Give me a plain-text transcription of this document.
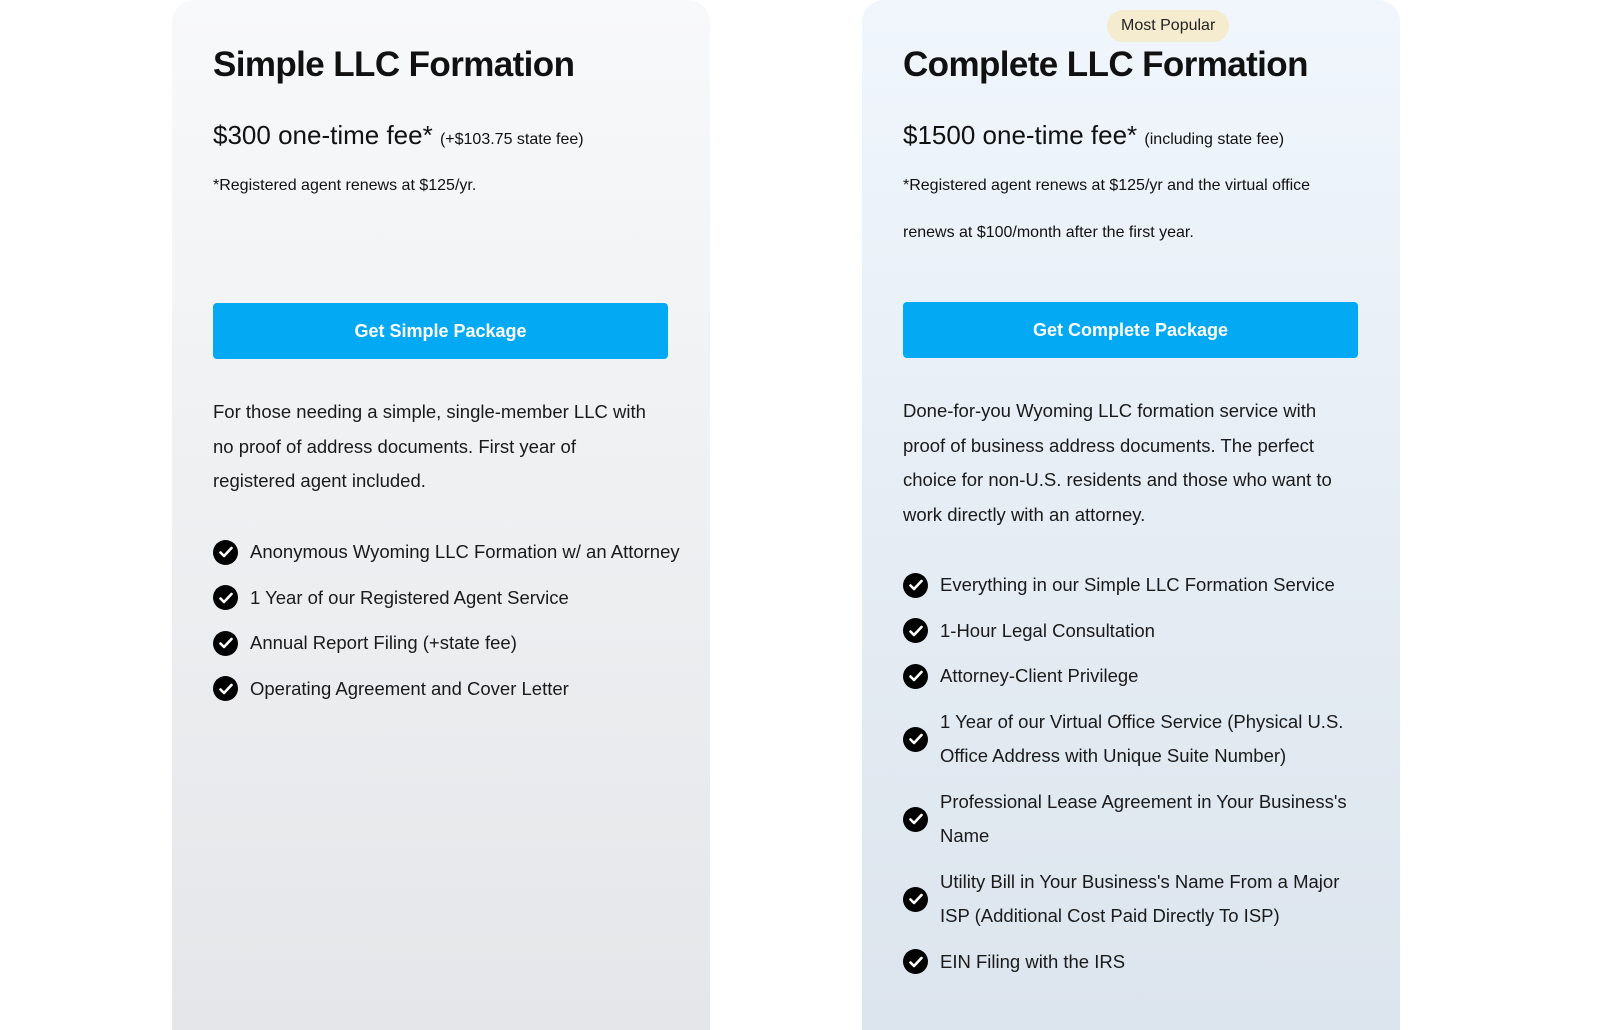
Simple LLC Formation
$300 one-time fee* (+$103.75 state fee)
*Registered agent renews at $125/yr.
Get Simple Package
For those needing a simple, single-member LLC with no proof of address documents. First year of registered agent included.
Anonymous Wyoming LLC Formation w/ an Attorney
1 Year of our Registered Agent Service
Annual Report Filing (+state fee)
Operating Agreement and Cover Letter
Most Popular
Complete LLC Formation
$1500 one-time fee* (including state fee)
*Registered agent renews at $125/yr and the virtual office renews at $100/month after the first year.
Get Complete Package
Done-for-you Wyoming LLC formation service with proof of business address documents. The perfect choice for non-U.S. residents and those who want to work directly with an attorney.
Everything in our Simple LLC Formation Service
1-Hour Legal Consultation
Attorney-Client Privilege
1 Year of our Virtual Office Service (Physical U.S. Office Address with Unique Suite Number)
Professional Lease Agreement in Your Business's Name
Utility Bill in Your Business's Name From a Major ISP (Additional Cost Paid Directly To ISP)
EIN Filing with the IRS
